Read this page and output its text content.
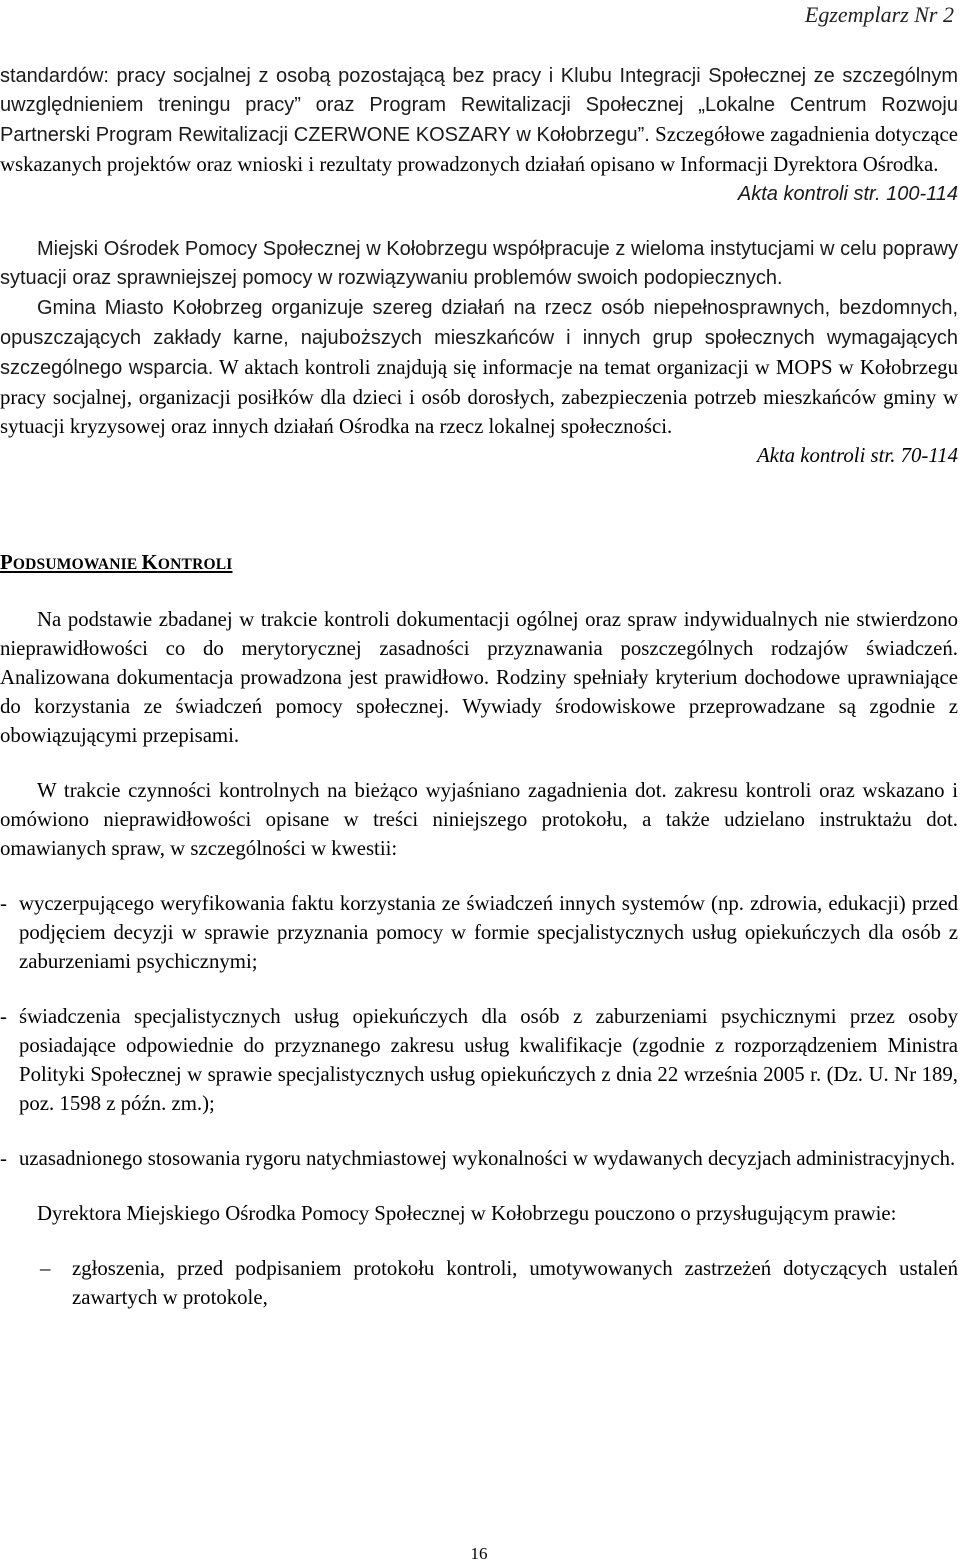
Egzemplarz Nr 2

standardów: pracy socjalnej z osobą pozostającą bez pracy i Klubu Integracji Społecznej ze szczególnym uwzględnieniem treningu pracy” oraz Program Rewitalizacji Społecznej „Lokalne Centrum Rozwoju Partnerski Program Rewitalizacji CZERWONE KOSZARY w Kołobrzegu”. Szczegółowe zagadnienia dotyczące wskazanych projektów oraz wnioski i rezultaty prowadzonych działań opisano w Informacji Dyrektora Ośrodka.

Akta kontroli str. 100-114

Miejski Ośrodek Pomocy Społecznej w Kołobrzegu współpracuje z wieloma instytucjami w celu poprawy sytuacji oraz sprawniejszej pomocy w rozwiązywaniu problemów swoich podopiecznych.

Gmina Miasto Kołobrzeg organizuje szereg działań na rzecz osób niepełnosprawnych, bezdomnych, opuszczających zakłady karne, najuboższych mieszkańców i innych grup społecznych wymagających szczególnego wsparcia. W aktach kontroli znajdują się informacje na temat organizacji w MOPS w Kołobrzegu pracy socjalnej, organizacji posiłków dla dzieci i osób dorosłych, zabezpieczenia potrzeb mieszkańców gminy w sytuacji kryzysowej oraz innych działań Ośrodka na rzecz lokalnej społeczności.

Akta kontroli str. 70-114

PODSUMOWANIE KONTROLI

Na podstawie zbadanej w trakcie kontroli dokumentacji ogólnej oraz spraw indywidualnych nie stwierdzono nieprawidłowości co do merytorycznej zasadności przyznawania poszczególnych rodzajów świadczeń. Analizowana dokumentacja prowadzona jest prawidłowo. Rodziny spełniały kryterium dochodowe uprawniające do korzystania ze świadczeń pomocy społecznej. Wywiady środowiskowe przeprowadzane są zgodnie z obowiązującymi przepisami.

W trakcie czynności kontrolnych na bieżąco wyjaśniano zagadnienia dot. zakresu kontroli oraz wskazano i omówiono nieprawidłowości opisane w treści niniejszego protokołu, a także udzielano instruktażu dot. omawianych spraw, w szczególności w kwestii:

- wyczerpującego weryfikowania faktu korzystania ze świadczeń innych systemów (np. zdrowia, edukacji) przed podjęciem decyzji w sprawie przyznania pomocy w formie specjalistycznych usług opiekuńczych dla osób z zaburzeniami psychicznymi;
- świadczenia specjalistycznych usług opiekuńczych dla osób z zaburzeniami psychicznymi przez osoby posiadające odpowiednie do przyznanego zakresu usług kwalifikacje (zgodnie z rozporządzeniem Ministra Polityki Społecznej w sprawie specjalistycznych usług opiekuńczych z dnia 22 września 2005 r. (Dz. U. Nr 189, poz. 1598 z późn. zm.);
- uzasadnionego stosowania rygoru natychmiastowej wykonalności w wydawanych decyzjach administracyjnych.

Dyrektora Miejskiego Ośrodka Pomocy Społecznej w Kołobrzegu pouczono o przysługującym prawie:

–	zgłoszenia, przed podpisaniem protokołu kontroli, umotywowanych zastrzeżeń dotyczących ustaleń zawartych w protokole,
16
